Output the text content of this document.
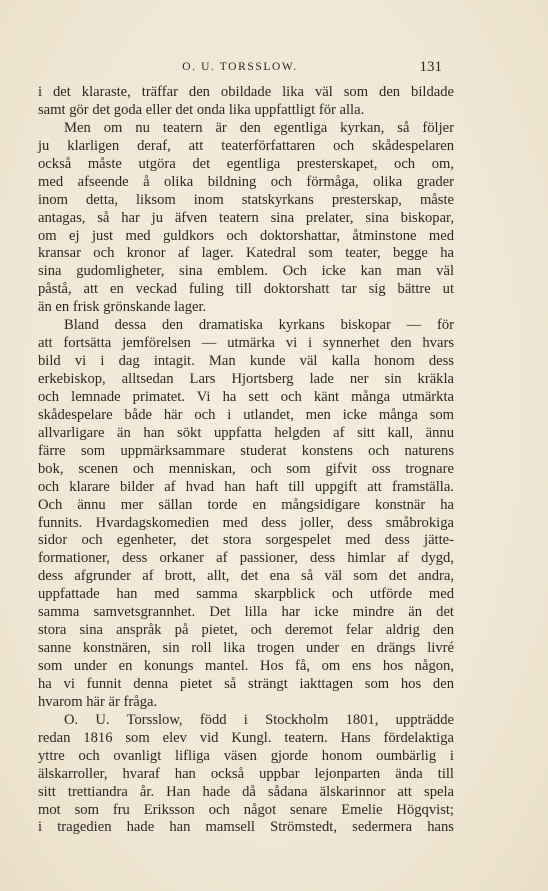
O. U. TORSSLOW.	131
i det klaraste, träffar den obildade lika väl som den bildade
samt gör det goda eller det onda lika uppfattligt för alla.
Men om nu teatern är den egentliga kyrkan, så följer
ju klarligen deraf, att teaterförfattaren och skådespelaren
också måste utgöra det egentliga presterskapet, och om,
med afseende å olika bildning och förmåga, olika grader
inom detta, liksom inom statskyrkans presterskap, måste
antagas, så har ju äfven teatern sina prelater, sina biskopar,
om ej just med guldkors och doktorshattar, åtminstone med
kransar och kronor af lager. Katedral som teater, begge ha
sina gudomligheter, sina emblem. Och icke kan man väl
påstå, att en veckad fuling till doktorshatt tar sig bättre ut
än en frisk grönskande lager.
Bland dessa den dramatiska kyrkans biskopar — för
att fortsätta jemförelsen — utmärka vi i synnerhet den hvars
bild vi i dag intagit. Man kunde väl kalla honom dess
erkebiskop, alltsedan Lars Hjortsberg lade ner sin kräkla
och lemnade primatet. Vi ha sett och känt många utmärkta
skådespelare både här och i utlandet, men icke många som
allvarligare än han sökt uppfatta helgden af sitt kall, ännu
färre som uppmärksammare studerat konstens och naturens
bok, scenen och menniskan, och som gifvit oss trognare
och klarare bilder af hvad han haft till uppgift att framställa.
Och ännu mer sällan torde en mångsidigare konstnär ha
funnits. Hvardagskomedien med dess joller, dess småbrokiga
sidor och egenheter, det stora sorgespelet med dess jätte-
formationer, dess orkaner af passioner, dess himlar af dygd,
dess afgrunder af brott, allt, det ena så väl som det andra,
uppfattade han med samma skarpblick och utförde med
samma samvetsgrannhet. Det lilla har icke mindre än det
stora sina anspråk på pietet, och deremot felar aldrig den
sanne konstnären, sin roll lika trogen under en drängs livré
som under en konungs mantel. Hos få, om ens hos någon,
ha vi funnit denna pietet så strängt iakttagen som hos den
hvarom här är fråga.
O. U. Torsslow, född i Stockholm 1801, uppträdde
redan 1816 som elev vid Kungl. teatern. Hans fördelaktiga
yttre och ovanligt lifliga väsen gjorde honom oumbärlig i
älskarroller, hvaraf han också uppbar lejonparten ända till
sitt trettiandra år. Han hade då sådana älskarinnor att spela
mot som fru Eriksson och något senare Emelie Högqvist;
i tragedien hade han mamsell Strömstedt, sedermera hans
